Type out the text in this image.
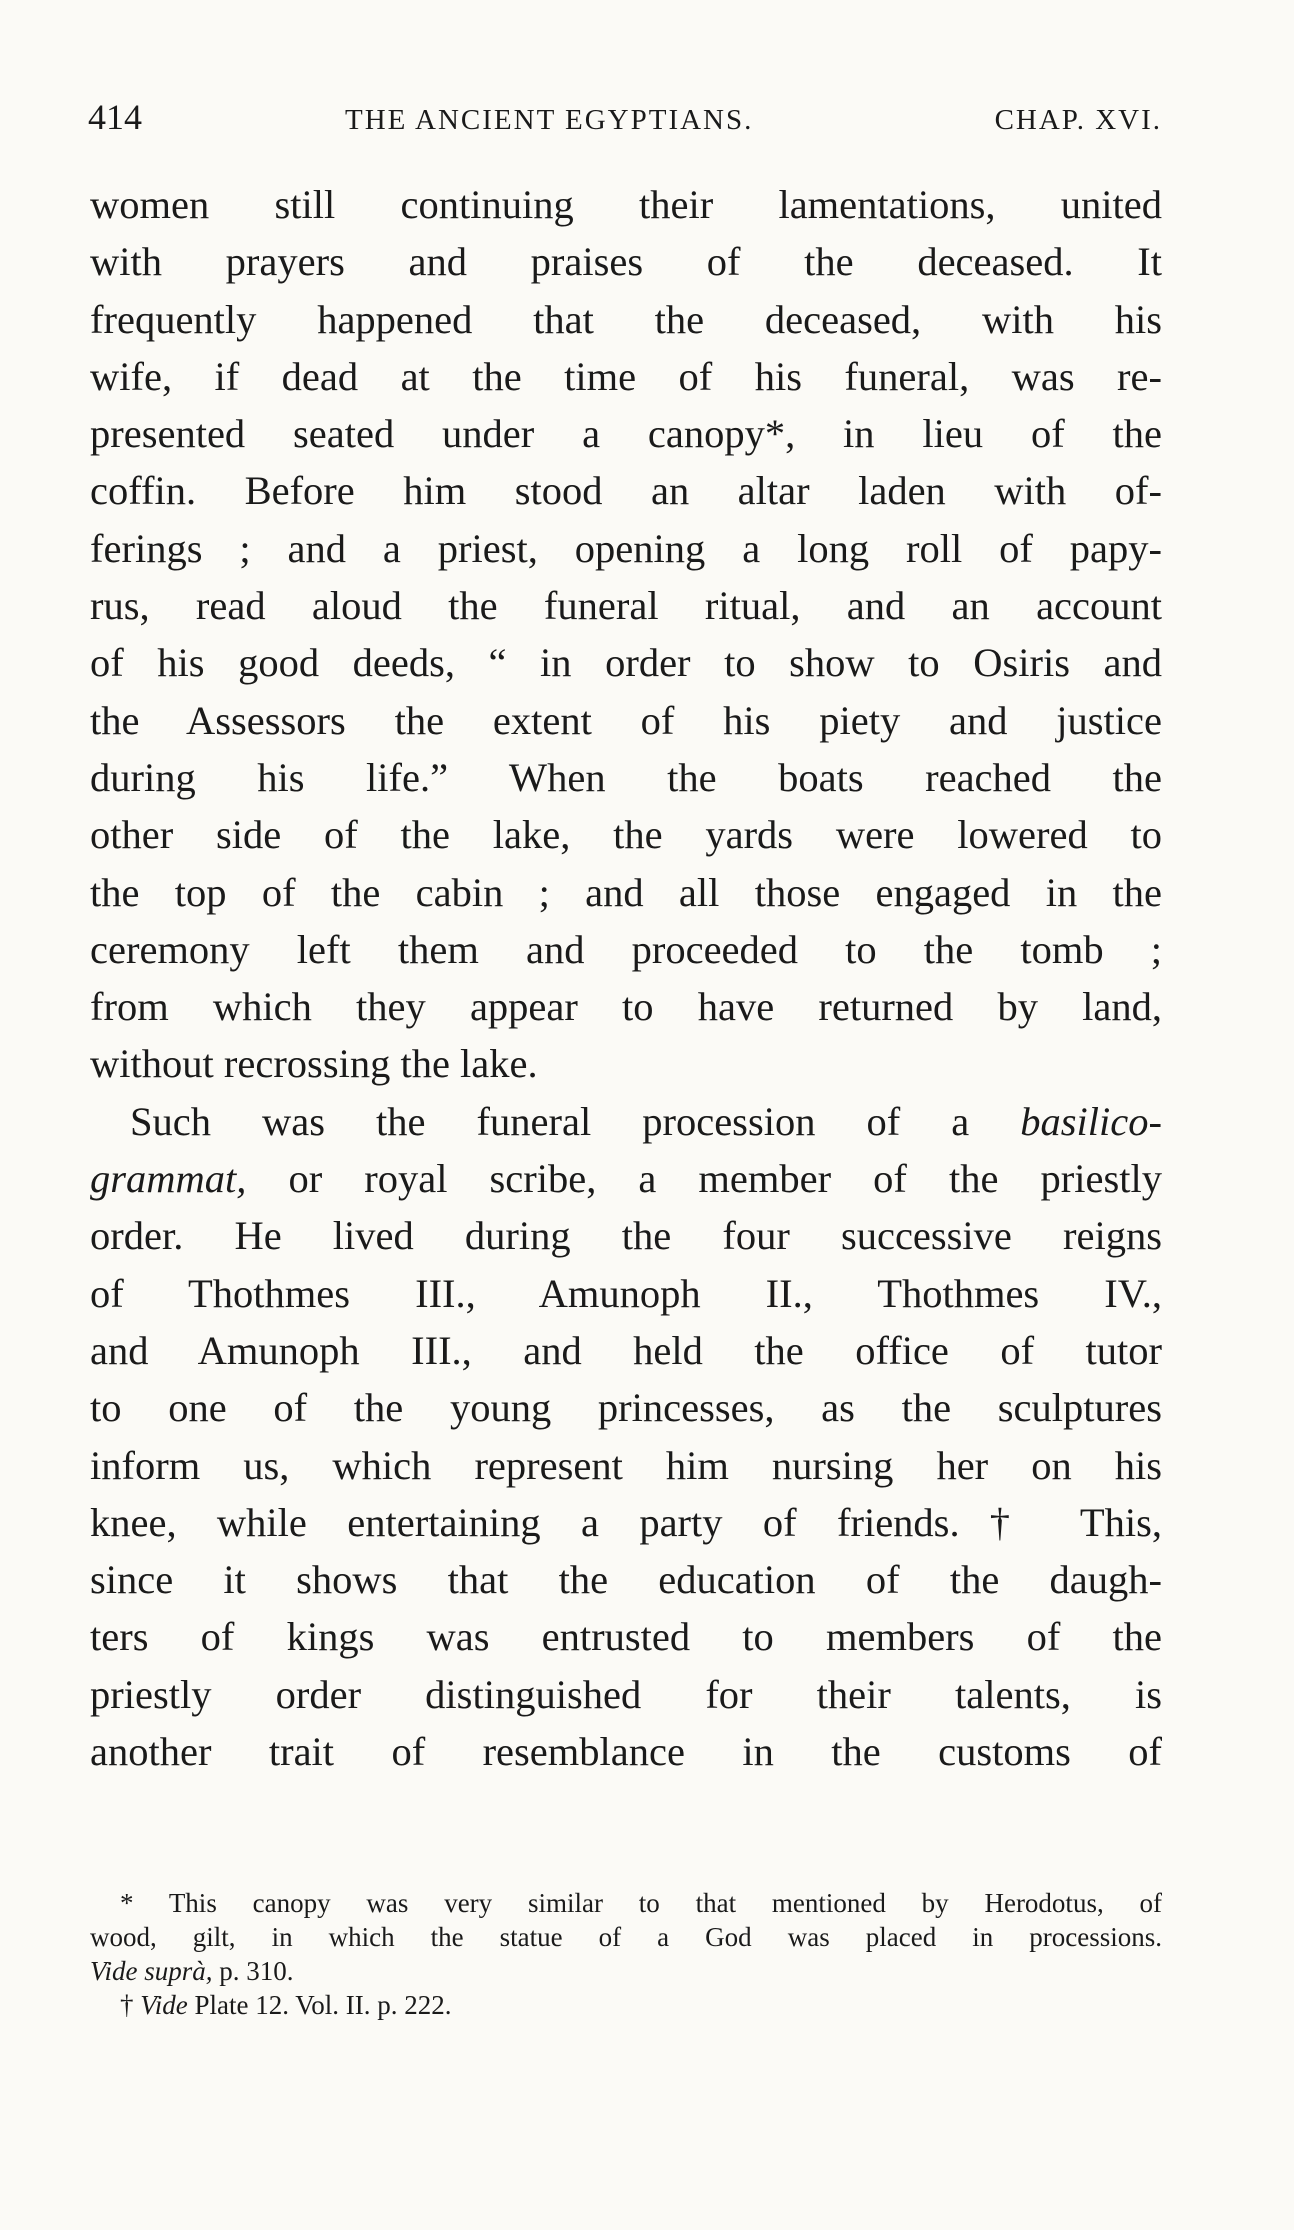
414	THE ANCIENT EGYPTIANS.	CHAP. XVI.
women still continuing their lamentations, united
with prayers and praises of the deceased. It
frequently happened that the deceased, with his
wife, if dead at the time of his funeral, was re-
presented seated under a canopy*, in lieu of the
coffin. Before him stood an altar laden with of-
ferings ; and a priest, opening a long roll of papy-
rus, read aloud the funeral ritual, and an account
of his good deeds, “ in order to show to Osiris and
the Assessors the extent of his piety and justice
during his life.” When the boats reached the
other side of the lake, the yards were lowered to
the top of the cabin ; and all those engaged in the
ceremony left them and proceeded to the tomb ;
from which they appear to have returned by land,
without recrossing the lake.
Such was the funeral procession of a basilico-
grammat, or royal scribe, a member of the priestly
order. He lived during the four successive reigns
of Thothmes III., Amunoph II., Thothmes IV.,
and Amunoph III., and held the office of tutor
to one of the young princesses, as the sculptures
inform us, which represent him nursing her on his
knee, while entertaining a party of friends.† This,
since it shows that the education of the daugh-
ters of kings was entrusted to members of the
priestly order distinguished for their talents, is
another trait of resemblance in the customs of
* This canopy was very similar to that mentioned by Herodotus, of
wood, gilt, in which the statue of a God was placed in processions.
Vide suprà, p. 310.
† Vide Plate 12. Vol. II. p. 222.
